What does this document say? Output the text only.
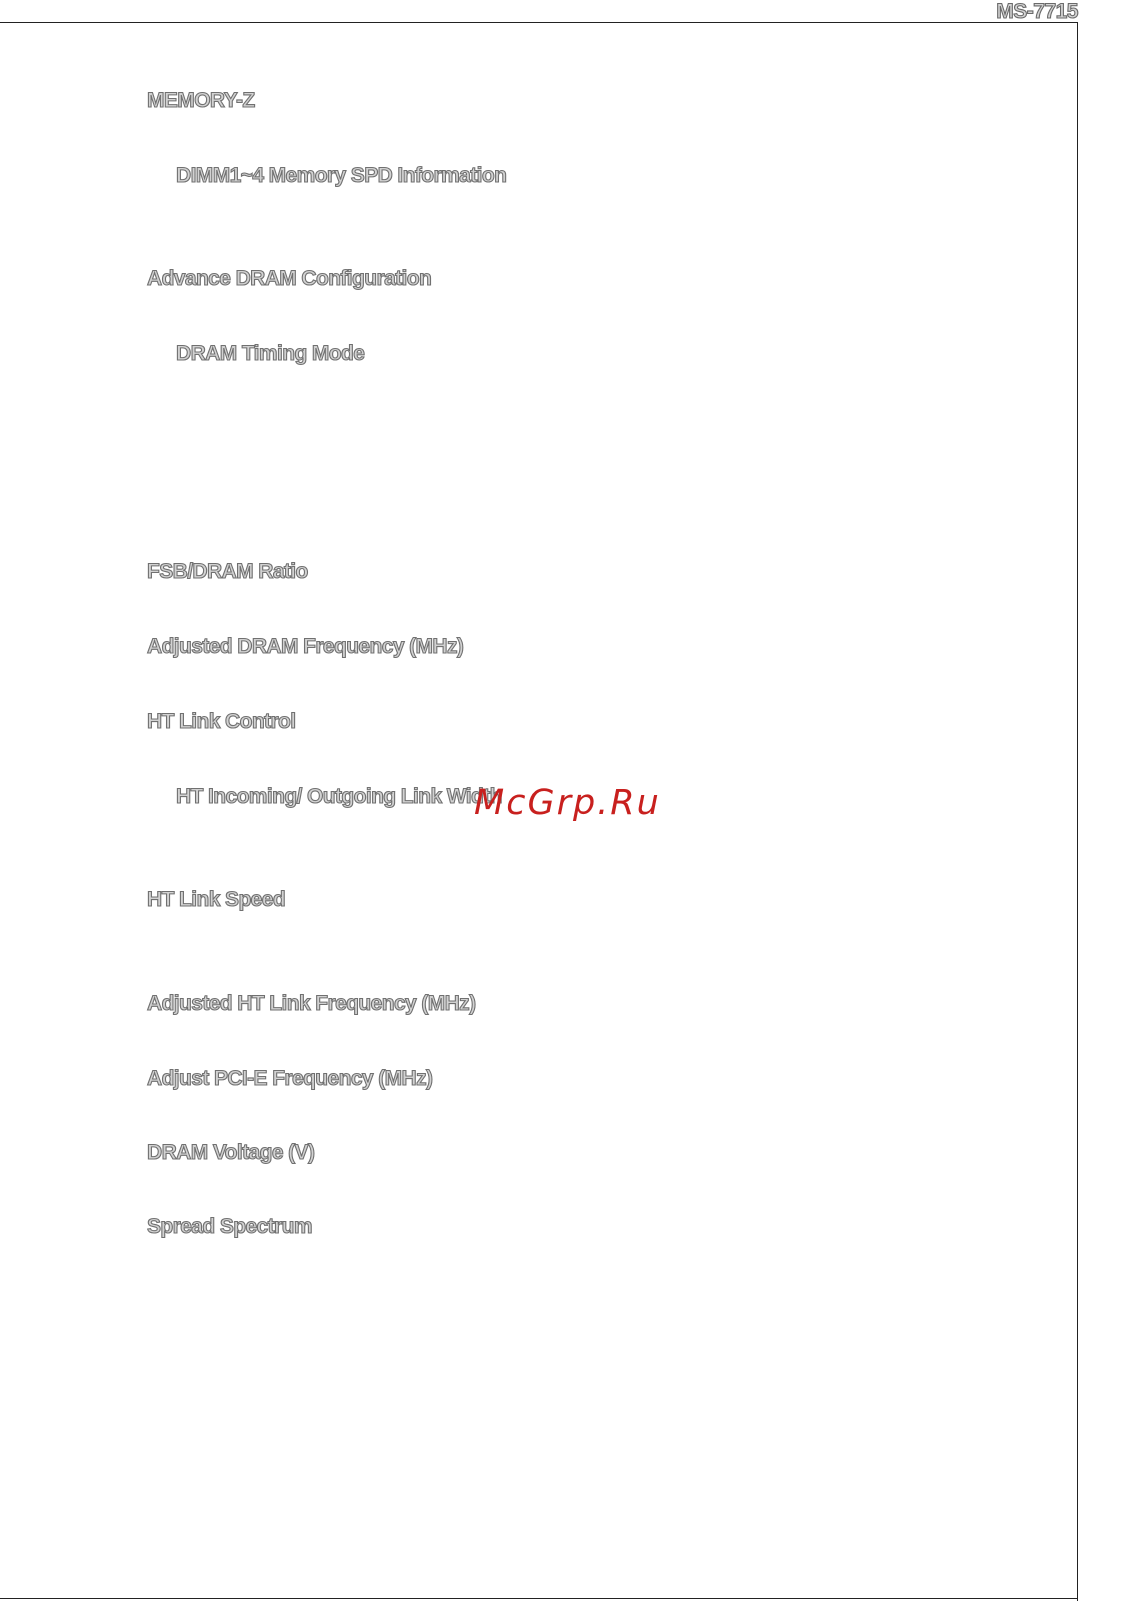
MS-7715
MEMORY-Z
DIMM1~4 Memory SPD Information
Advance DRAM Configuration
DRAM Timing Mode
FSB/DRAM Ratio
Adjusted DRAM Frequency (MHz)
HT Link Control
HT Incoming/ Outgoing Link Width
HT Link Speed
Adjusted HT Link Frequency (MHz)
Adjust PCI-E Frequency (MHz)
DRAM Voltage (V)
Spread Spectrum
McGrp.Ru
